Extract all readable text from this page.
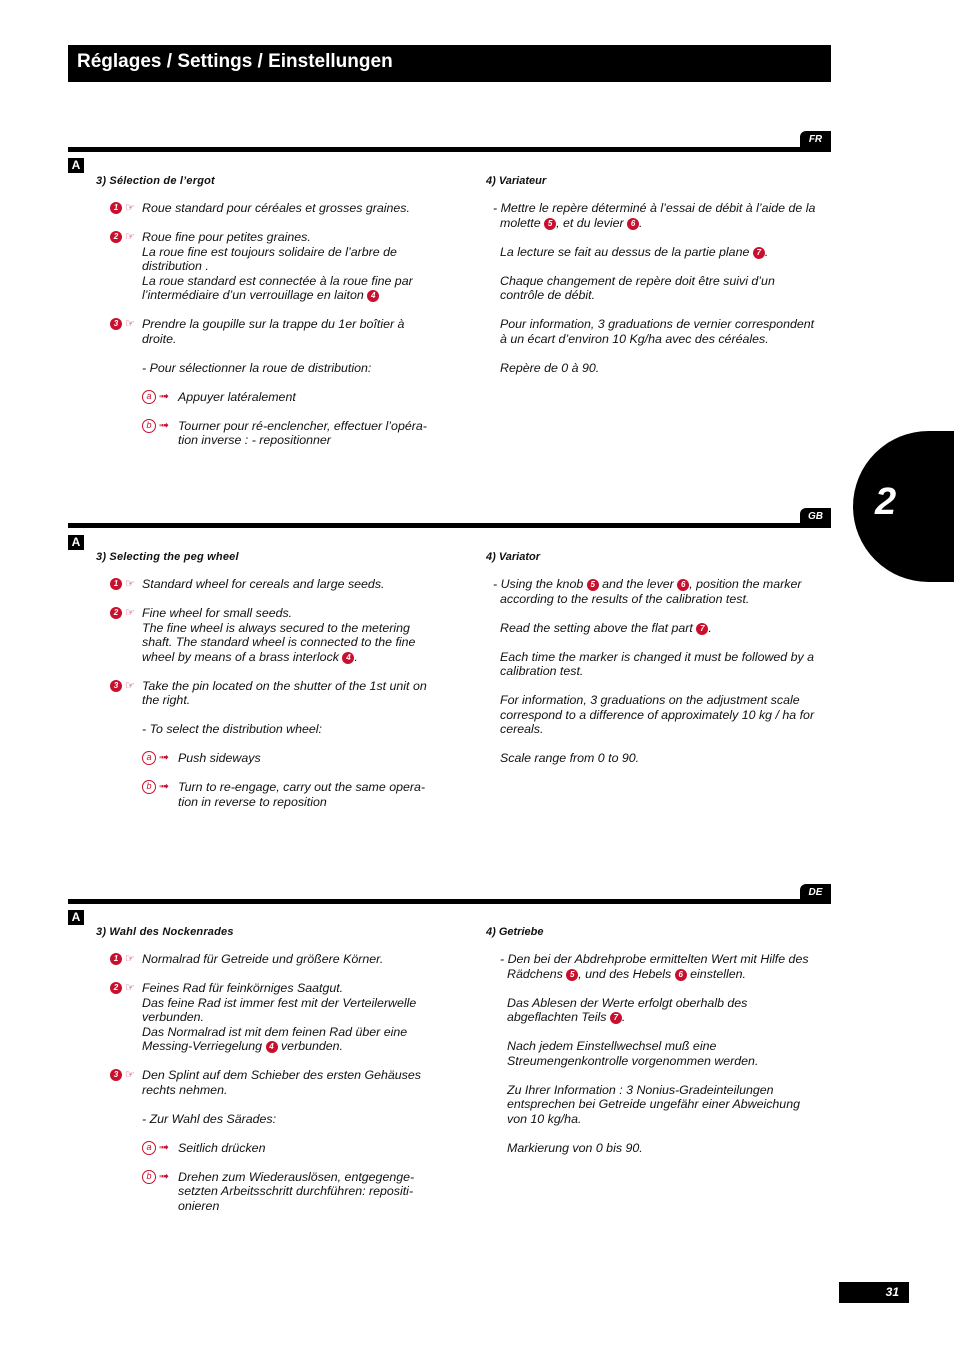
Réglages / Settings / Einstellungen
2
FR
A
3) Sélection de l’ergot
1 ☞ Roue standard pour céréales et grosses graines.
2 ☞ Roue fine pour petites graines.
La roue fine est toujours solidaire de l’arbre de
distribution .
La roue standard est connectée à la roue fine par
l’intermédiaire d’un verrouillage en laiton 4
3 ☞ Prendre la goupille sur la trappe du 1er boîtier à
droite.
- Pour sélectionner la roue de distribution:
a ➟ Appuyer latéralement
b ➟ Tourner pour ré-enclencher, effectuer l’opéra-
tion inverse : - repositionner
4) Variateur
- Mettre le repère déterminé à l’essai de débit à l’aide de la
molette 5 , et du levier 6 .
La lecture se fait au dessus de la partie plane 7 .
Chaque changement de repère doit être suivi d’un
contrôle de débit.
Pour information, 3 graduations de vernier correspondent
à un écart d’environ 10 Kg/ha avec des céréales.
Repère de 0 à 90.
GB
A
3) Selecting the peg wheel
1 ☞ Standard wheel for cereals and large seeds.
2 ☞ Fine wheel for small seeds.
The fine wheel is always secured to the metering
shaft. The standard wheel is connected to the fine
wheel by means of a brass interlock 4 .
3 ☞ Take the pin located on the shutter of the 1st unit on
the right.
- To select the distribution wheel:
a ➟ Push sideways
b ➟ Turn to re-engage, carry out the same opera-
tion in reverse to reposition
4) Variator
- Using the knob 5 and the lever 6 , position the marker
according to the results of the calibration test.
Read the setting above the flat part 7 .
Each time the marker is changed it must be followed by a
calibration test.
For information, 3 graduations on the adjustment scale
correspond to a difference of approximately 10 kg / ha for
cereals.
Scale range from 0 to 90.
DE
A
3) Wahl des Nockenrades
1 ☞ Normalrad für Getreide und größere Körner.
2 ☞ Feines Rad für feinkörniges Saatgut.
Das feine Rad ist immer fest mit der Verteilerwelle
verbunden.
Das Normalrad ist mit dem feinen Rad über eine
Messing-Verriegelung 4 verbunden.
3 ☞ Den Splint auf dem Schieber des ersten Gehäuses
rechts nehmen.
- Zur Wahl des Särades:
a ➟ Seitlich drücken
b ➟ Drehen zum Wiederauslösen, entgegenge-
setzten Arbeitsschritt durchführen: repositi-
onieren
4) Getriebe
- Den bei der Abdrehprobe ermittelten Wert mit Hilfe des
Rädchens 5 , und des Hebels 6 einstellen.
Das Ablesen der Werte erfolgt oberhalb des
abgeflachten Teils 7 .
Nach jedem Einstellwechsel muß eine
Streumengenkontrolle vorgenommen werden.
Zu Ihrer Information : 3 Nonius-Gradeinteilungen
entsprechen bei Getreide ungefähr einer Abweichung
von 10 kg/ha.
Markierung von 0 bis 90.
31
